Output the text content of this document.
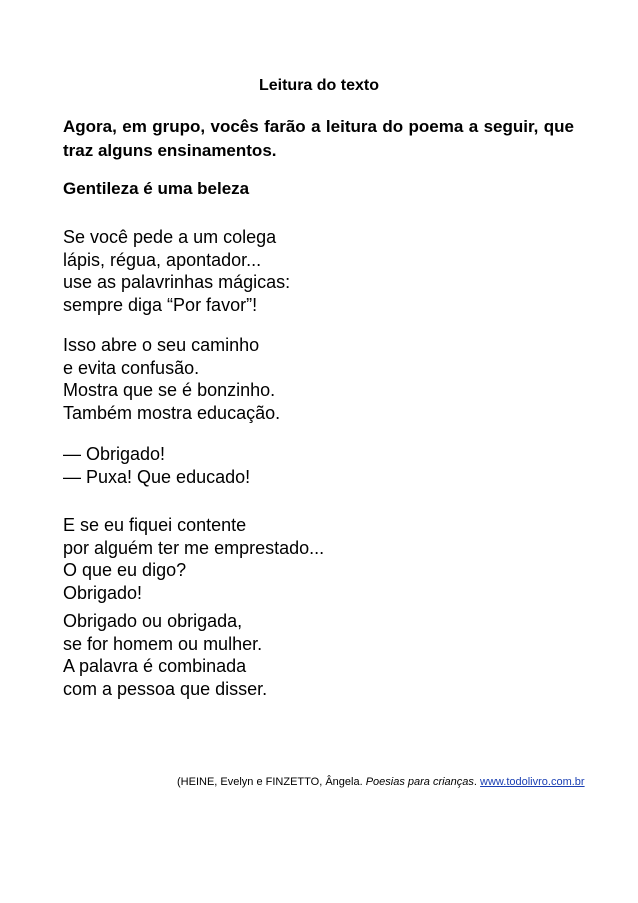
Leitura do texto

Agora, em grupo, vocês farão a leitura do poema a seguir, que traz alguns ensinamentos.

Gentileza é uma beleza
Se você pede a um colega
lápis, régua, apontador...
use as palavrinhas mágicas:
sempre diga “Por favor”!
Isso abre o seu caminho
e evita confusão.
Mostra que se é bonzinho.
Também mostra educação.
— Obrigado!
— Puxa! Que educado!
E se eu fiquei contente
por alguém ter me emprestado...
O que eu digo?
Obrigado!
Obrigado ou obrigada,
se for homem ou mulher.
A palavra é combinada
com a pessoa que disser.
(HEINE, Evelyn e FINZETTO, Ângela. Poesias para crianças. www.todolivro.com.br
